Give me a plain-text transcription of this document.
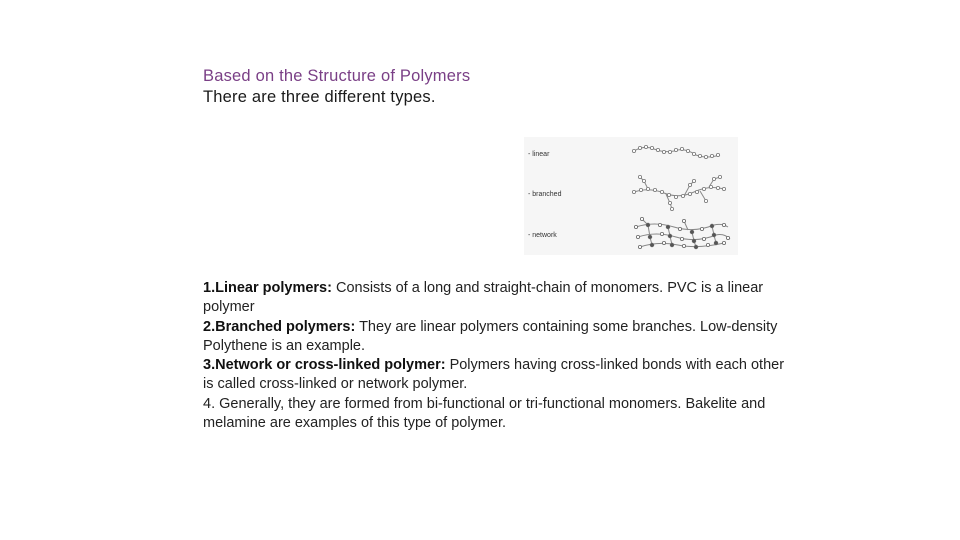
Based on the Structure of Polymers
There are three different types.
- linear
- branched
- network

1.Linear polymers: Consists of a long and straight-chain of monomers. PVC is a linear polymer

2.Branched polymers: They are linear polymers containing some branches. Low-density Polythene is an example.

3.Network or cross-linked polymer: Polymers having cross-linked bonds with each other is called cross-linked or network polymer.

4. Generally, they are formed from bi-functional or tri-functional monomers. Bakelite and melamine are examples of this type of polymer.
